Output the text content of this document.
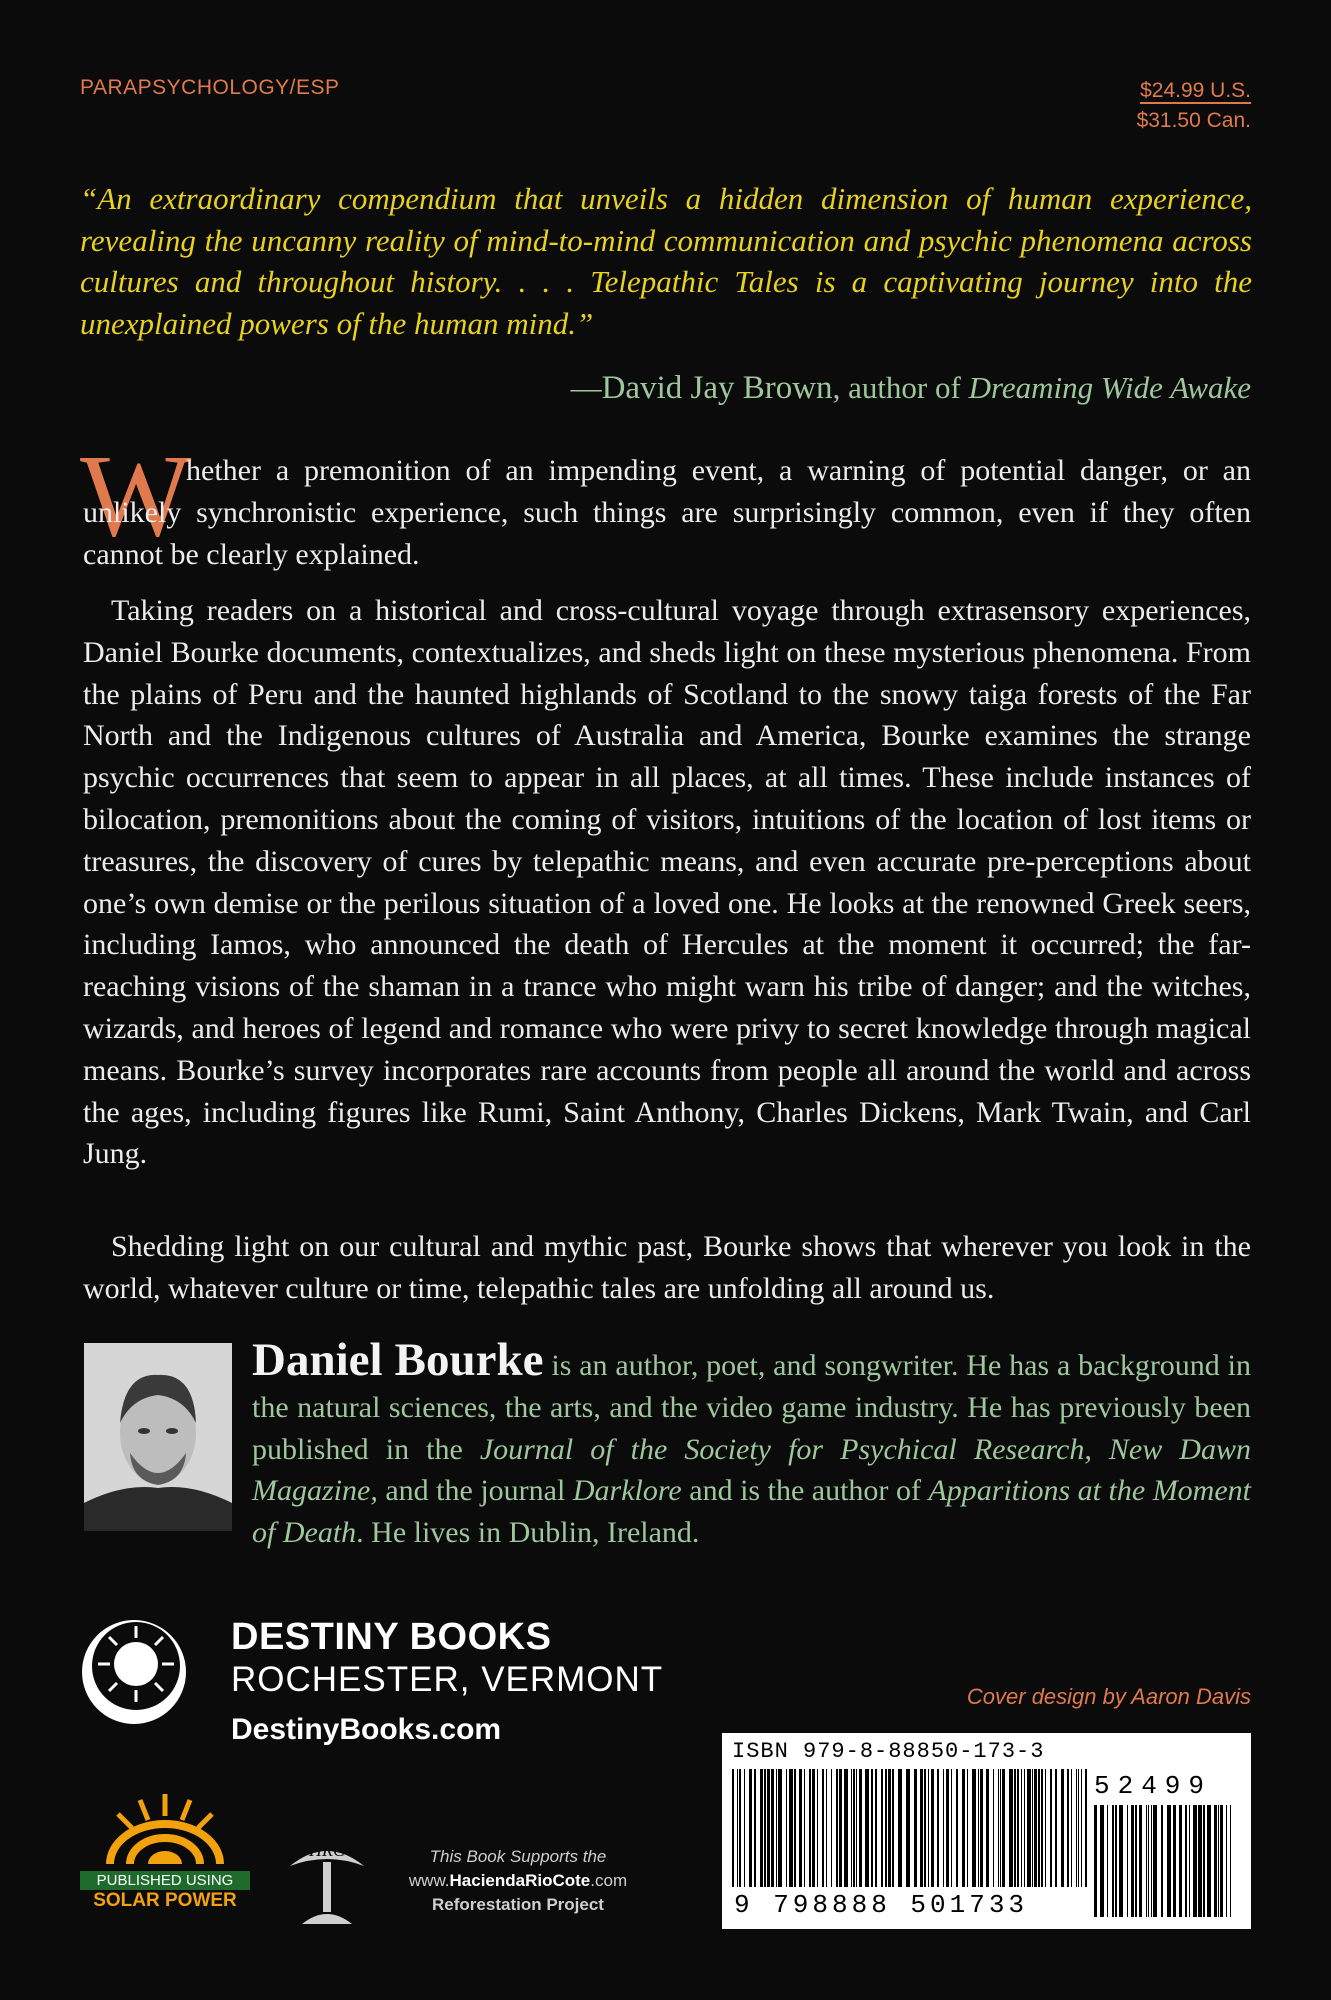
PARAPSYCHOLOGY/ESP	$24.99 U.S.
$31.50 Can.
“An extraordinary compendium that unveils a hidden dimension of human experience, revealing the uncanny reality of mind-to-mind communication and psychic phenomena across cultures and throughout history. . . . Telepathic Tales is a captivating journey into the unexplained powers of the human mind.”
—David Jay Brown, author of Dreaming Wide Awake
W
hether a premonition of an impending event, a warning of potential danger, or an unlikely synchronistic experience, such things are surprisingly common, even if they often cannot be clearly explained.
Taking readers on a historical and cross-cultural voyage through extrasensory experiences, Daniel Bourke documents, contextualizes, and sheds light on these mysterious phenomena. From the plains of Peru and the haunted highlands of Scotland to the snowy taiga forests of the Far North and the Indigenous cultures of Australia and America, Bourke examines the strange psychic occurrences that seem to appear in all places, at all times. These include instances of bilocation, premonitions about the coming of visitors, intuitions of the location of lost items or treasures, the discovery of cures by telepathic means, and even accurate pre-perceptions about one’s own demise or the perilous situation of a loved one. He looks at the renowned Greek seers, including Iamos, who announced the death of Hercules at the moment it occurred; the far-reaching visions of the shaman in a trance who might warn his tribe of danger; and the witches, wizards, and heroes of legend and romance who were privy to secret knowledge through magical means. Bourke’s survey incorporates rare accounts from people all around the world and across the ages, including figures like Rumi, Saint Anthony, Charles Dickens, Mark Twain, and Carl Jung.
Shedding light on our cultural and mythic past, Bourke shows that wherever you look in the world, whatever culture or time, telepathic tales are unfolding all around us.
Daniel Bourke is an author, poet, and songwriter. He has a background in the natural sciences, the arts, and the video game industry. He has previously been published in the Journal of the Society for Psychical Research, New Dawn Magazine, and the journal Darklore and is the author of Apparitions at the Moment of Death. He lives in Dublin, Ireland.
DESTINY BOOKS
ROCHESTER, VERMONT
DestinyBooks.com
Cover design by Aaron Davis
ISBN 979-8-88850-173-3
9 798888 501733
52499
PUBLISHED USING
SOLAR POWER
HRC	This Book Supports the
www.HaciendaRioCote.com
Reforestation Project
